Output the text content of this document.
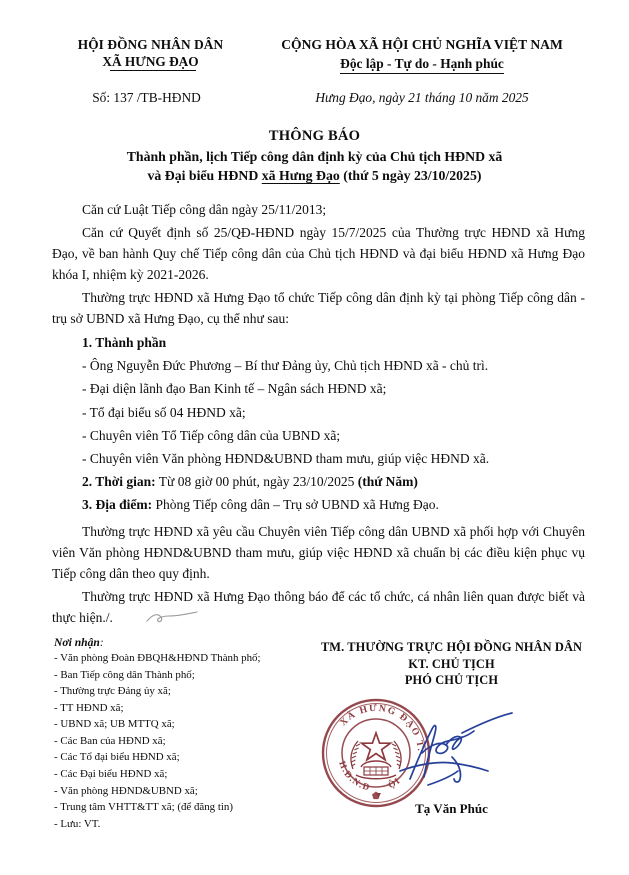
HỘI ĐỒNG NHÂN DÂN
XÃ HƯNG ĐẠO
CỘNG HÒA XÃ HỘI CHỦ NGHĨA VIỆT NAM
Độc lập - Tự do - Hạnh phúc
Số: 137 /TB-HĐND	Hưng Đạo, ngày 21 tháng 10 năm 2025
THÔNG BÁO
Thành phần, lịch Tiếp công dân định kỳ của Chủ tịch HĐND xã
và Đại biểu HĐND xã Hưng Đạo (thứ 5 ngày 23/10/2025)

Căn cứ Luật Tiếp công dân ngày 25/11/2013;

Căn cứ Quyết định số 25/QĐ-HĐND ngày 15/7/2025 của Thường trực HĐND xã Hưng Đạo, về ban hành Quy chế Tiếp công dân của Chủ tịch HĐND và đại biểu HĐND xã Hưng Đạo khóa I, nhiệm kỳ 2021-2026.

Thường trực HĐND xã Hưng Đạo tổ chức Tiếp công dân định kỳ tại phòng Tiếp công dân - trụ sở UBND xã Hưng Đạo, cụ thể như sau:

1. Thành phần
- Ông Nguyễn Đức Phương – Bí thư Đảng ủy, Chủ tịch HĐND xã - chủ trì.
- Đại diện lãnh đạo Ban Kinh tế – Ngân sách HĐND xã;
- Tổ đại biểu số 04 HĐND xã;
- Chuyên viên Tổ Tiếp công dân của UBND xã;
- Chuyên viên Văn phòng HĐND&UBND tham mưu, giúp việc HĐND xã.
2. Thời gian: Từ 08 giờ 00 phút, ngày 23/10/2025 (thứ Năm)
3. Địa điểm: Phòng Tiếp công dân – Trụ sở UBND xã Hưng Đạo.

Thường trực HĐND xã yêu cầu Chuyên viên Tiếp công dân UBND xã phối hợp với Chuyên viên Văn phòng HĐND&UBND tham mưu, giúp việc HĐND xã chuẩn bị các điều kiện phục vụ Tiếp công dân theo quy định.

Thường trực HĐND xã Hưng Đạo thông báo để các tổ chức, cá nhân liên quan được biết và thực hiện./.

Nơi nhận:
- Văn phòng Đoàn ĐBQH&HĐND Thành phố;
- Ban Tiếp công dân Thành phố;
- Thường trực Đảng ủy xã;
- TT HĐND xã;
- UBND xã; UB MTTQ xã;
- Các Ban của HĐND xã;
- Các Tổ đại biểu HĐND xã;
- Các Đại biểu HĐND xã;
- Văn phòng HĐND&UBND xã;
- Trung tâm VHTT&TT xã; (để đăng tin)
- Lưu: VT.
TM. THƯỜNG TRỰC HỘI ĐỒNG NHÂN DÂN
KT. CHỦ TỊCH
PHÓ CHỦ TỊCH
XÃ HƯNG ĐẠO T.
H.Đ.N.D ỘI
Tạ Văn Phúc
